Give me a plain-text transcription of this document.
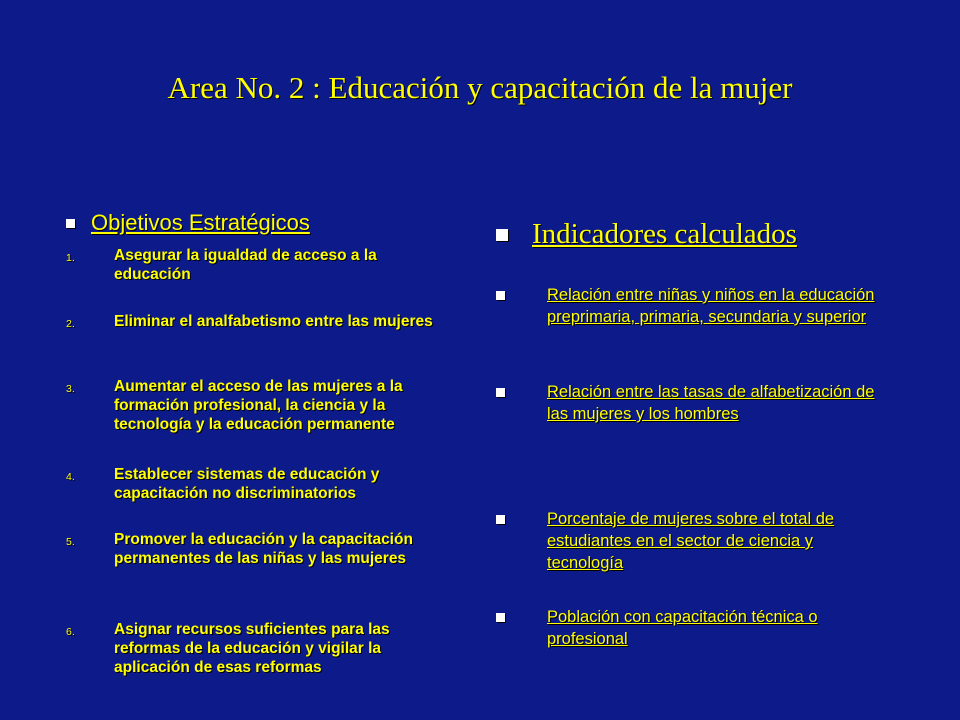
Area No. 2 : Educación y capacitación de la mujer
Objetivos Estratégicos
1.	Asegurar la igualdad de acceso a la educación
2.	Eliminar el analfabetismo entre las mujeres
3.	Aumentar el acceso de las mujeres a la formación profesional, la ciencia y la tecnología y la educación permanente
4.	Establecer sistemas de educación y capacitación no discriminatorios
5.	Promover la educación y la capacitación permanentes de las niñas y las mujeres
6.	Asignar recursos suficientes para las reformas de la educación y vigilar la aplicación de esas reformas
Indicadores calculados
Relación entre niñas y niños en la educación preprimaria, primaria, secundaria y superior
Relación entre las tasas de alfabetización de las mujeres y los hombres
Porcentaje de mujeres sobre el total de estudiantes en el sector de ciencia y tecnología
Población con capacitación técnica o profesional
